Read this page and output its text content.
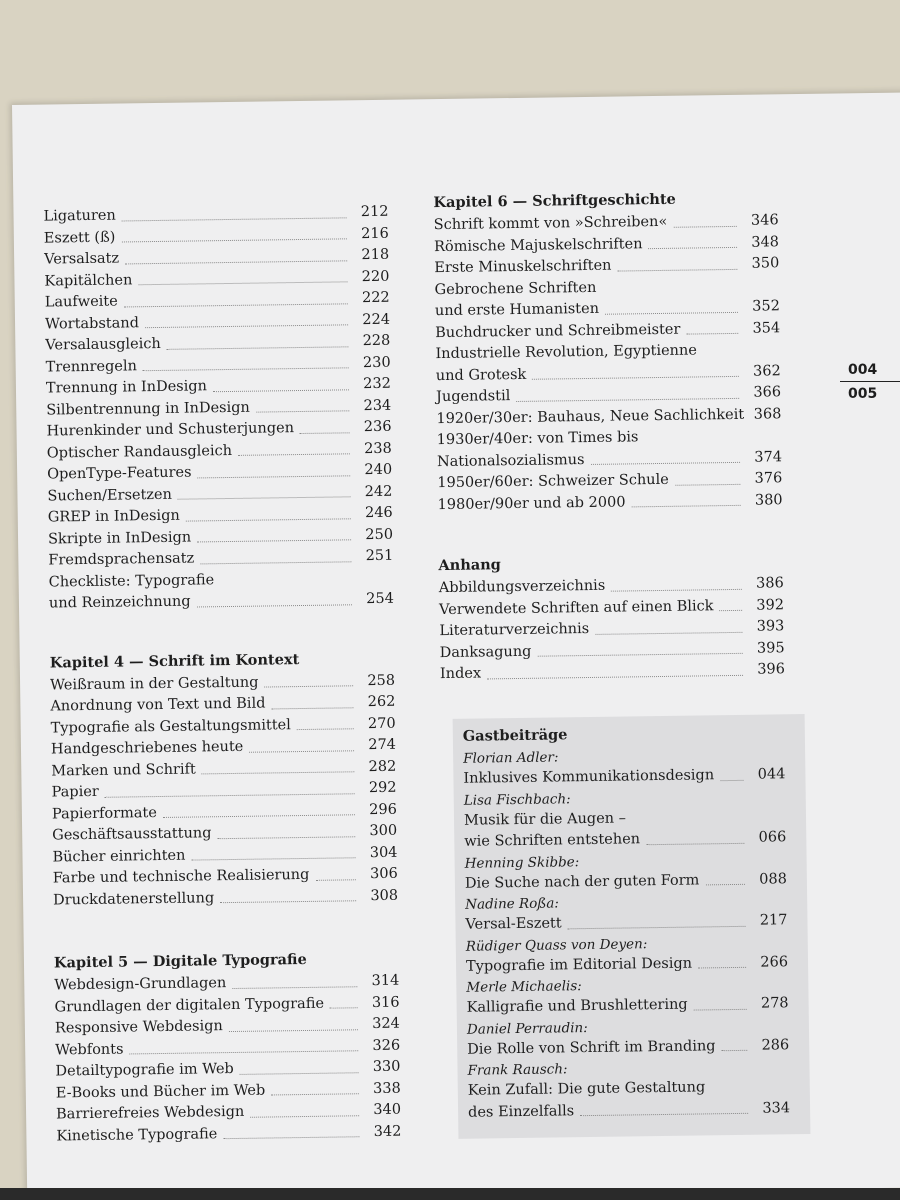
Ligaturen	212
Eszett (ß)	216
Versalsatz	218
Kapitälchen	220
Laufweite	222
Wortabstand	224
Versalausgleich	228
Trennregeln	230
Trennung in InDesign	232
Silbentrennung in InDesign	234
Hurenkinder und Schusterjungen	236
Optischer Randausgleich	238
OpenType-Features	240
Suchen/Ersetzen	242
GREP in InDesign	246
Skripte in InDesign	250
Fremdsprachensatz	251
Checkliste: Typografie
und Reinzeichnung	254
Kapitel 4 — Schrift im Kontext
Weißraum in der Gestaltung	258
Anordnung von Text und Bild	262
Typografie als Gestaltungsmittel	270
Handgeschriebenes heute	274
Marken und Schrift	282
Papier	292
Papierformate	296
Geschäftsausstattung	300
Bücher einrichten	304
Farbe und technische Realisierung	306
Druckdatenerstellung	308
Kapitel 5 — Digitale Typografie
Webdesign-Grundlagen	314
Grundlagen der digitalen Typografie	316
Responsive Webdesign	324
Webfonts	326
Detailtypografie im Web	330
E-Books und Bücher im Web	338
Barrierefreies Webdesign	340
Kinetische Typografie	342
Kapitel 6 — Schriftgeschichte
Schrift kommt von »Schreiben«	346
Römische Majuskelschriften	348
Erste Minuskelschriften	350
Gebrochene Schriften
und erste Humanisten	352
Buchdrucker und Schreibmeister	354
Industrielle Revolution, Egyptienne
und Grotesk	362
Jugendstil	366
1920er/30er: Bauhaus, Neue Sachlichkeit 368
1930er/40er: von Times bis
Nationalsozialismus	374
1950er/60er: Schweizer Schule	376
1980er/90er und ab 2000	380
Anhang
Abbildungsverzeichnis	386
Verwendete Schriften auf einen Blick	392
Literaturverzeichnis	393
Danksagung	395
Index	396
Gastbeiträge
Florian Adler:
Inklusives Kommunikationsdesign	044
Lisa Fischbach:
Musik für die Augen –
wie Schriften entstehen	066
Henning Skibbe:
Die Suche nach der guten Form	088
Nadine Roßa:
Versal-Eszett	217
Rüdiger Quass von Deyen:
Typografie im Editorial Design	266
Merle Michaelis:
Kalligrafie und Brushlettering	278
Daniel Perraudin:
Die Rolle von Schrift im Branding	286
Frank Rausch:
Kein Zufall: Die gute Gestaltung
des Einzelfalls	334
004
005
